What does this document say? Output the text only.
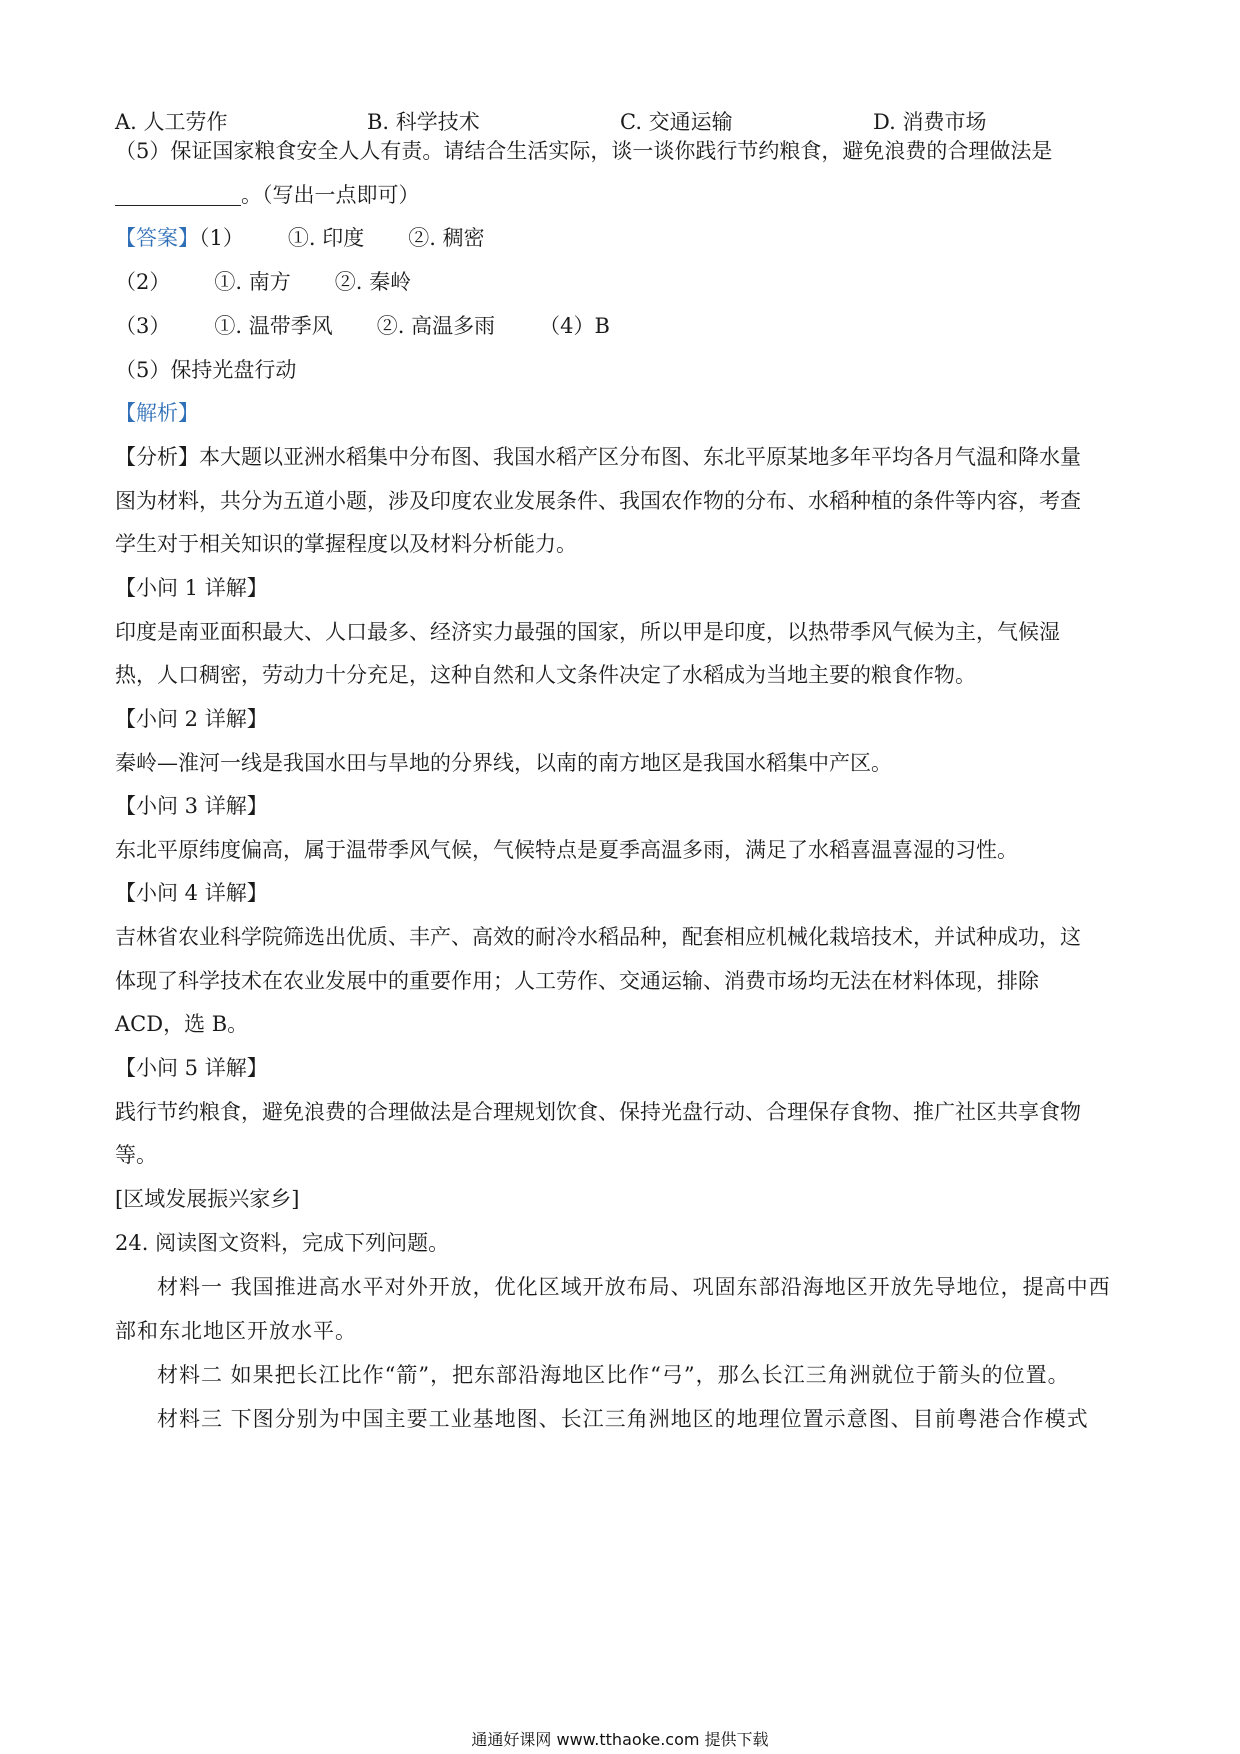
A. 人工劳作	B. 科学技术	C. 交通运输	D. 消费市场
（5）保证国家粮食安全人人有责。请结合生活实际，谈一谈你践行节约粮食，避免浪费的合理做法是
。（写出一点即可）
【答案】（1） ①. 印度 ②. 稠密
（2） ①. 南方 ②. 秦岭
（3） ①. 温带季风 ②. 高温多雨 （4）B
（5）保持光盘行动
【解析】
【分析】本大题以亚洲水稻集中分布图、我国水稻产区分布图、东北平原某地多年平均各月气温和降水量
图为材料，共分为五道小题，涉及印度农业发展条件、我国农作物的分布、水稻种植的条件等内容，考查
学生对于相关知识的掌握程度以及材料分析能力。
【小问 1 详解】
印度是南亚面积最大、人口最多、经济实力最强的国家，所以甲是印度，以热带季风气候为主，气候湿
热，人口稠密，劳动力十分充足，这种自然和人文条件决定了水稻成为当地主要的粮食作物。
【小问 2 详解】
秦岭—淮河一线是我国水田与旱地的分界线，以南的南方地区是我国水稻集中产区。
【小问 3 详解】
东北平原纬度偏高，属于温带季风气候，气候特点是夏季高温多雨，满足了水稻喜温喜湿的习性。
【小问 4 详解】
吉林省农业科学院筛选出优质、丰产、高效的耐冷水稻品种，配套相应机械化栽培技术，并试种成功，这
体现了科学技术在农业发展中的重要作用；人工劳作、交通运输、消费市场均无法在材料体现，排除
ACD，选 B。
【小问 5 详解】
践行节约粮食，避免浪费的合理做法是合理规划饮食、保持光盘行动、合理保存食物、推广社区共享食物
等。
[区域发展振兴家乡]
24. 阅读图文资料，完成下列问题。
材料一 我国推进高水平对外开放，优化区域开放布局、巩固东部沿海地区开放先导地位，提高中西
部和东北地区开放水平。
材料二 如果把长江比作“箭”，把东部沿海地区比作“弓”，那么长江三角洲就位于箭头的位置。
材料三 下图分别为中国主要工业基地图、长江三角洲地区的地理位置示意图、目前粤港合作模式
通通好课网 www.tthaoke.com 提供下载
